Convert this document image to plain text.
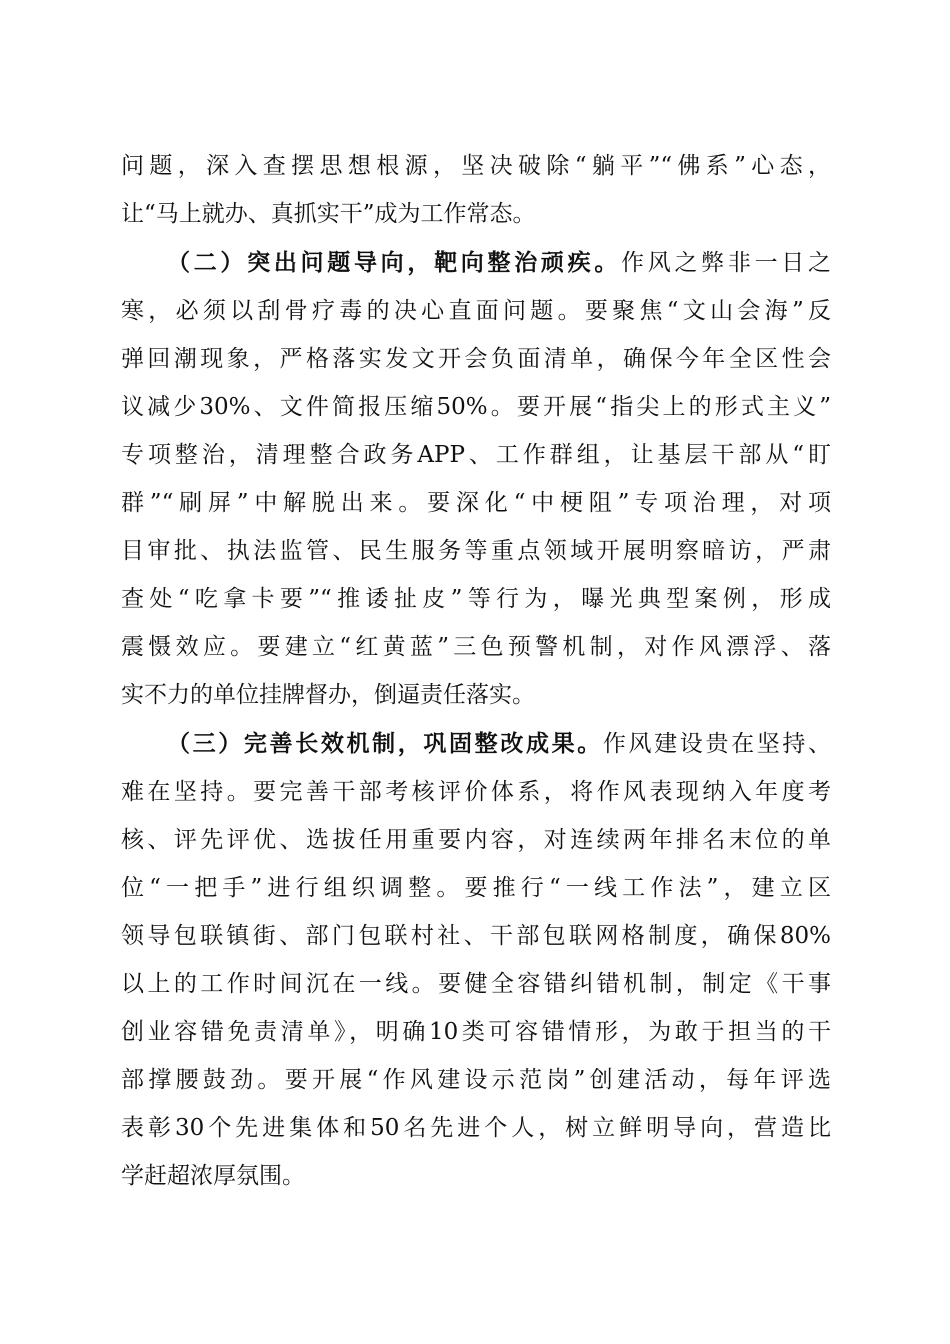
问题，深入查摆思想根源，坚决破除“躺平”“佛系”心态，
让“马上就办、真抓实干”成为工作常态。
（二）突出问题导向，靶向整治顽疾。作风之弊非一日之
寒，必须以刮骨疗毒的决心直面问题。要聚焦“文山会海”反
弹回潮现象，严格落实发文开会负面清单，确保今年全区性会
议减少30%、文件简报压缩50%。要开展“指尖上的形式主义”
专项整治，清理整合政务APP、工作群组，让基层干部从“盯
群”“刷屏”中解脱出来。要深化“中梗阻”专项治理，对项
目审批、执法监管、民生服务等重点领域开展明察暗访，严肃
查处“吃拿卡要”“推诿扯皮”等行为，曝光典型案例，形成
震慑效应。要建立“红黄蓝”三色预警机制，对作风漂浮、落
实不力的单位挂牌督办，倒逼责任落实。
（三）完善长效机制，巩固整改成果。作风建设贵在坚持、
难在坚持。要完善干部考核评价体系，将作风表现纳入年度考
核、评先评优、选拔任用重要内容，对连续两年排名末位的单
位“一把手”进行组织调整。要推行“一线工作法”，建立区
领导包联镇街、部门包联村社、干部包联网格制度，确保80%
以上的工作时间沉在一线。要健全容错纠错机制，制定《干事
创业容错免责清单》，明确10类可容错情形，为敢于担当的干
部撑腰鼓劲。要开展“作风建设示范岗”创建活动，每年评选
表彰30个先进集体和50名先进个人，树立鲜明导向，营造比
学赶超浓厚氛围。
